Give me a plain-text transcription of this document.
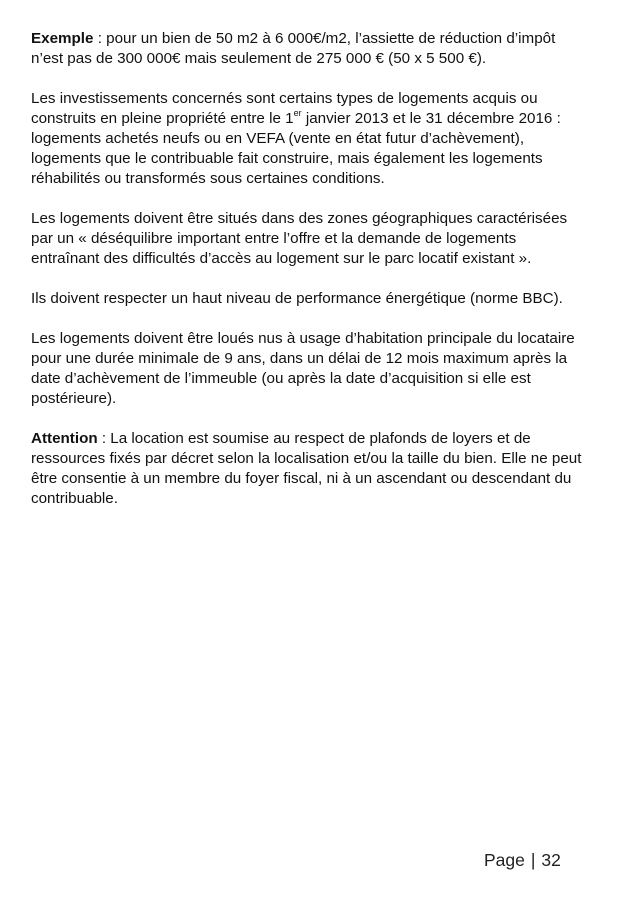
Exemple : pour un bien de 50 m2 à 6 000€/m2, l’assiette de réduction d’impôt n’est pas de 300 000€ mais seulement de 275 000 € (50 x 5 500 €).

Les investissements concernés sont certains types de logements acquis ou construits en pleine propriété entre le 1er janvier 2013 et le 31 décembre 2016 : logements achetés neufs ou en VEFA (vente en état futur d’achèvement), logements que le contribuable fait construire, mais également les logements réhabilités ou transformés sous certaines conditions.

Les logements doivent être situés dans des zones géographiques caractérisées par un « déséquilibre important entre l’offre et la demande de logements entraînant des difficultés d’accès au logement sur le parc locatif existant ».

Ils doivent respecter un haut niveau de performance énergétique (norme BBC).

Les logements doivent être loués nus à usage d’habitation principale du locataire pour une durée minimale de 9 ans, dans un délai de 12 mois maximum après la date d’achèvement de l’immeuble (ou après la date d’acquisition si elle est postérieure).

Attention : La location est soumise au respect de plafonds de loyers et de ressources fixés par décret selon la localisation et/ou la taille du bien. Elle ne peut être consentie à un membre du foyer fiscal, ni à un ascendant ou descendant du contribuable.

Page | 32
